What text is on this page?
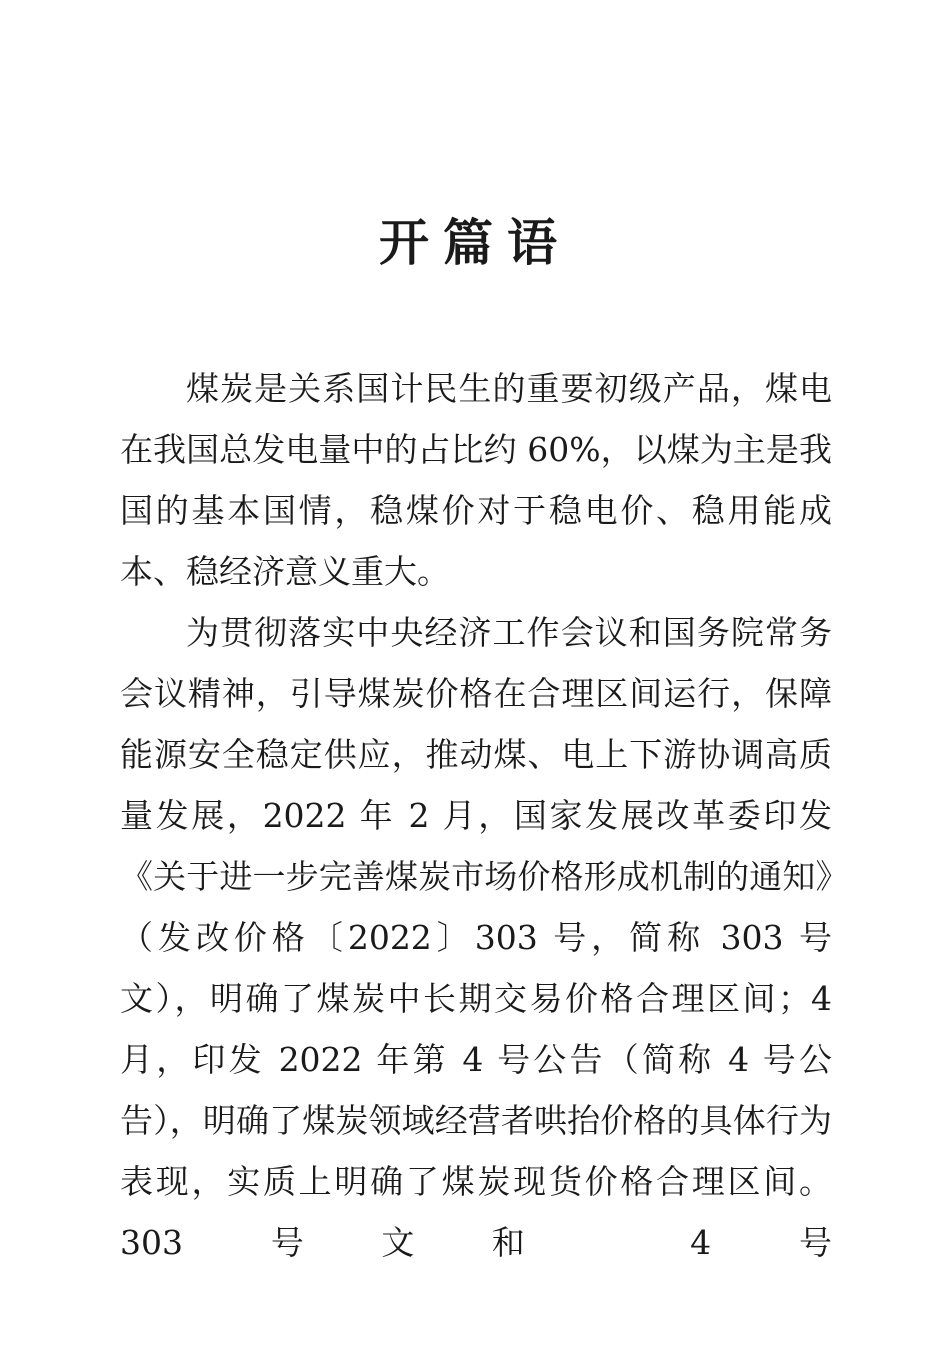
开篇语

煤炭是关系国计民生的重要初级产品，煤电在我国总发电量中的占比约 60%，以煤为主是我国的基本国情，稳煤价对于稳电价、稳用能成本、稳经济意义重大。

为贯彻落实中央经济工作会议和国务院常务会议精神，引导煤炭价格在合理区间运行，保障能源安全稳定供应，推动煤、电上下游协调高质量发展，2022 年 2 月，国家发展改革委印发《关于进一步完善煤炭市场价格形成机制的通知》（发改价格〔2022〕303 号，简称 303 号文），明确了煤炭中长期交易价格合理区间；4 月，印发 2022 年第 4 号公告（简称 4 号公告），明确了煤炭领域经营者哄抬价格的具体行为表现，实质上明确了煤炭现货价格合理区间。303 号文和 4 号
